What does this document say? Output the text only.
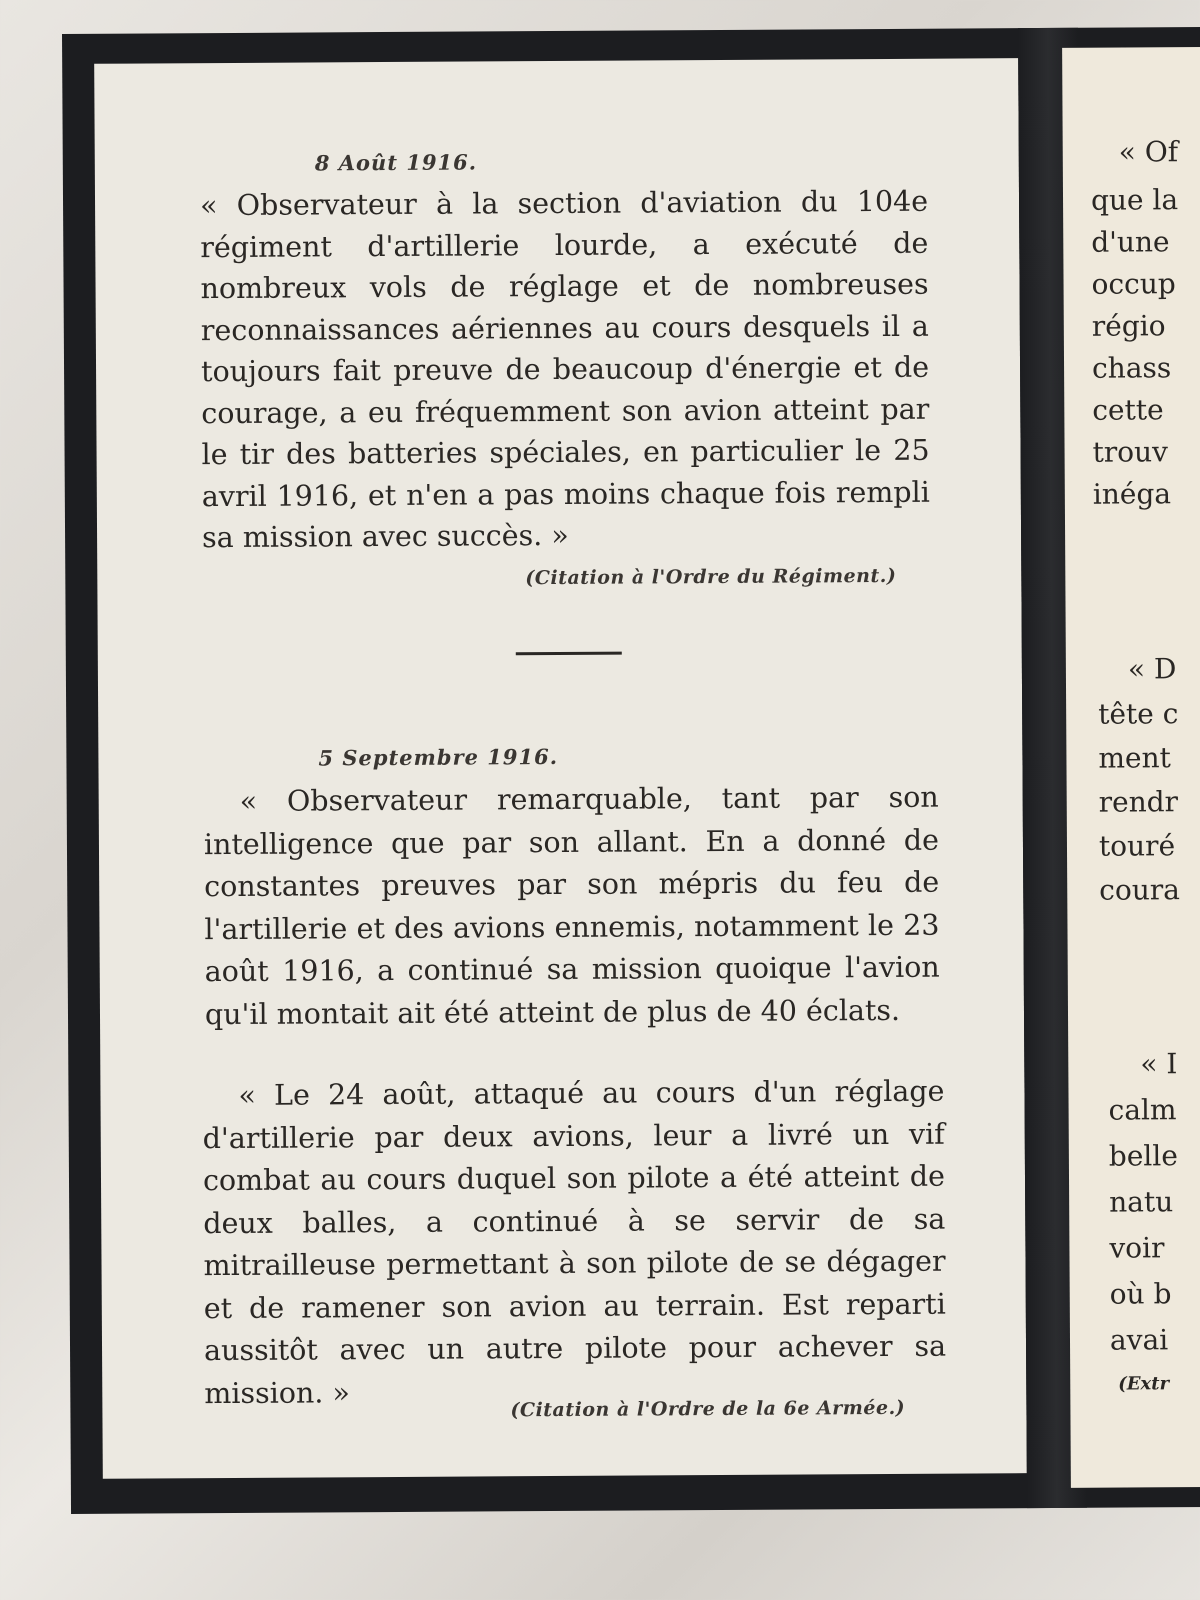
8 Août 1916.

« Observateur à la section d'aviation du 104e régiment d'artillerie lourde, a exécuté de nombreux vols de réglage et de nombreuses reconnaissances aériennes au cours desquels il a toujours fait preuve de beaucoup d'énergie et de courage, a eu fréquemment son avion atteint par le tir des batteries spéciales, en particulier le 25 avril 1916, et n'en a pas moins chaque fois rempli sa mission avec succès. »

(Citation à l'Ordre du Régiment.)

5 Septembre 1916.

« Observateur remarquable, tant par son intelligence que par son allant. En a donné de constantes preuves par son mépris du feu de l'artillerie et des avions ennemis, notamment le 23 août 1916, a continué sa mission quoique l'avion qu'il montait ait été atteint de plus de 40 éclats.

« Le 24 août, attaqué au cours d'un réglage d'artillerie par deux avions, leur a livré un vif combat au cours duquel son pilote a été atteint de deux balles, a continué à se servir de sa mitrailleuse permettant à son pilote de se dégager et de ramener son avion au terrain. Est reparti aussitôt avec un autre pilote pour achever sa mission. »	(Citation à l'Ordre de la 6e Armée.)

« Of

que la

d'une

occup

régio

chass

cette

trouv

inéga

« D

tête c

ment

rendr

touré

coura

« I

calm

belle

natu

voir

où b

avai

(Extr
